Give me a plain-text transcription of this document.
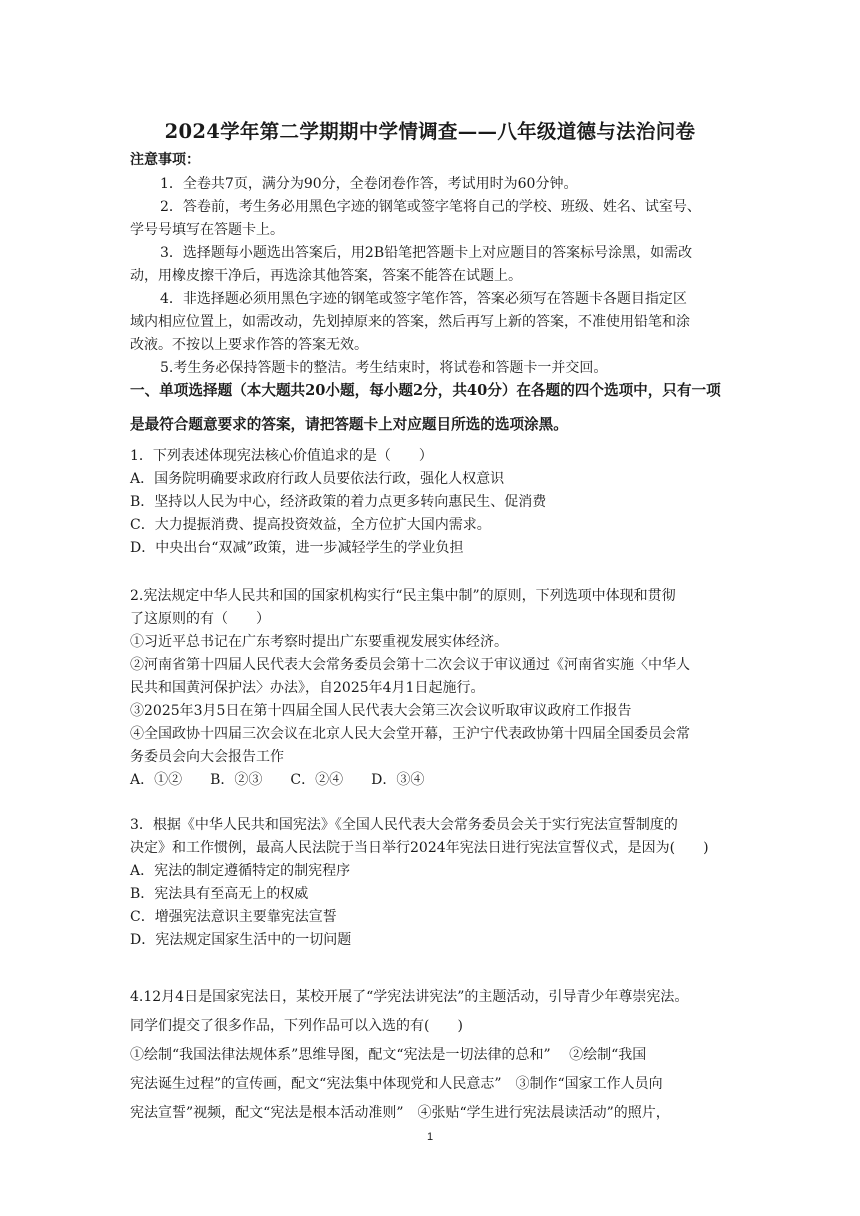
2024学年第二学期期中学情调查——八年级道德与法治问卷
注意事项：
1．全卷共7页，满分为90分，全卷闭卷作答，考试用时为60分钟。
2．答卷前，考生务必用黑色字迹的钢笔或签字笔将自己的学校、班级、姓名、试室号、
学号号填写在答题卡上。
3．选择题每小题选出答案后，用2B铅笔把答题卡上对应题目的答案标号涂黑，如需改
动，用橡皮擦干净后，再选涂其他答案，答案不能答在试题上。
4．非选择题必须用黑色字迹的钢笔或签字笔作答，答案必须写在答题卡各题目指定区
域内相应位置上，如需改动，先划掉原来的答案，然后再写上新的答案，不准使用铅笔和涂
改液。不按以上要求作答的答案无效。
5.考生务必保持答题卡的整洁。考生结束时，将试卷和答题卡一并交回。
一、单项选择题（本大题共20小题，每小题2分，共40分）在各题的四个选项中，只有一项
是最符合题意要求的答案，请把答题卡上对应题目所选的选项涂黑。
1．下列表述体现宪法核心价值追求的是（　　）
A．国务院明确要求政府行政人员要依法行政，强化人权意识
B．坚持以人民为中心，经济政策的着力点更多转向惠民生、促消费
C．大力提振消费、提高投资效益，全方位扩大国内需求。
D．中央出台“双减”政策，进一步减轻学生的学业负担
2.宪法规定中华人民共和国的国家机构实行“民主集中制”的原则，下列选项中体现和贯彻
了这原则的有（　　）
①习近平总书记在广东考察时提出广东要重视发展实体经济。
②河南省第十四届人民代表大会常务委员会第十二次会议于审议通过《河南省实施〈中华人
民共和国黄河保护法〉办法》，自2025年4月1日起施行。
③2025年3月5日在第十四届全国人民代表大会第三次会议听取审议政府工作报告
④全国政协十四届三次会议在北京人民大会堂开幕，王沪宁代表政协第十四届全国委员会常
务委员会向大会报告工作
A．①②　　B．②③　　C．②④　　D．③④
3．根据《中华人民共和国宪法》《全国人民代表大会常务委员会关于实行宪法宣誓制度的
决定》和工作惯例，最高人民法院于当日举行2024年宪法日进行宪法宣誓仪式，是因为(　　)
A．宪法的制定遵循特定的制宪程序
B．宪法具有至高无上的权威
C．增强宪法意识主要靠宪法宣誓
D．宪法规定国家生活中的一切问题
4.12月4日是国家宪法日，某校开展了“学宪法讲宪法”的主题活动，引导青少年尊崇宪法。
同学们提交了很多作品，下列作品可以入选的有(　　)
①绘制“我国法律法规体系”思维导图，配文“宪法是一切法律的总和”　 ②绘制“我国
宪法诞生过程”的宣传画，配文“宪法集中体现党和人民意志”　③制作“国家工作人员向
宪法宣誓”视频，配文“宪法是根本活动准则”　④张贴“学生进行宪法晨读活动”的照片，
1
